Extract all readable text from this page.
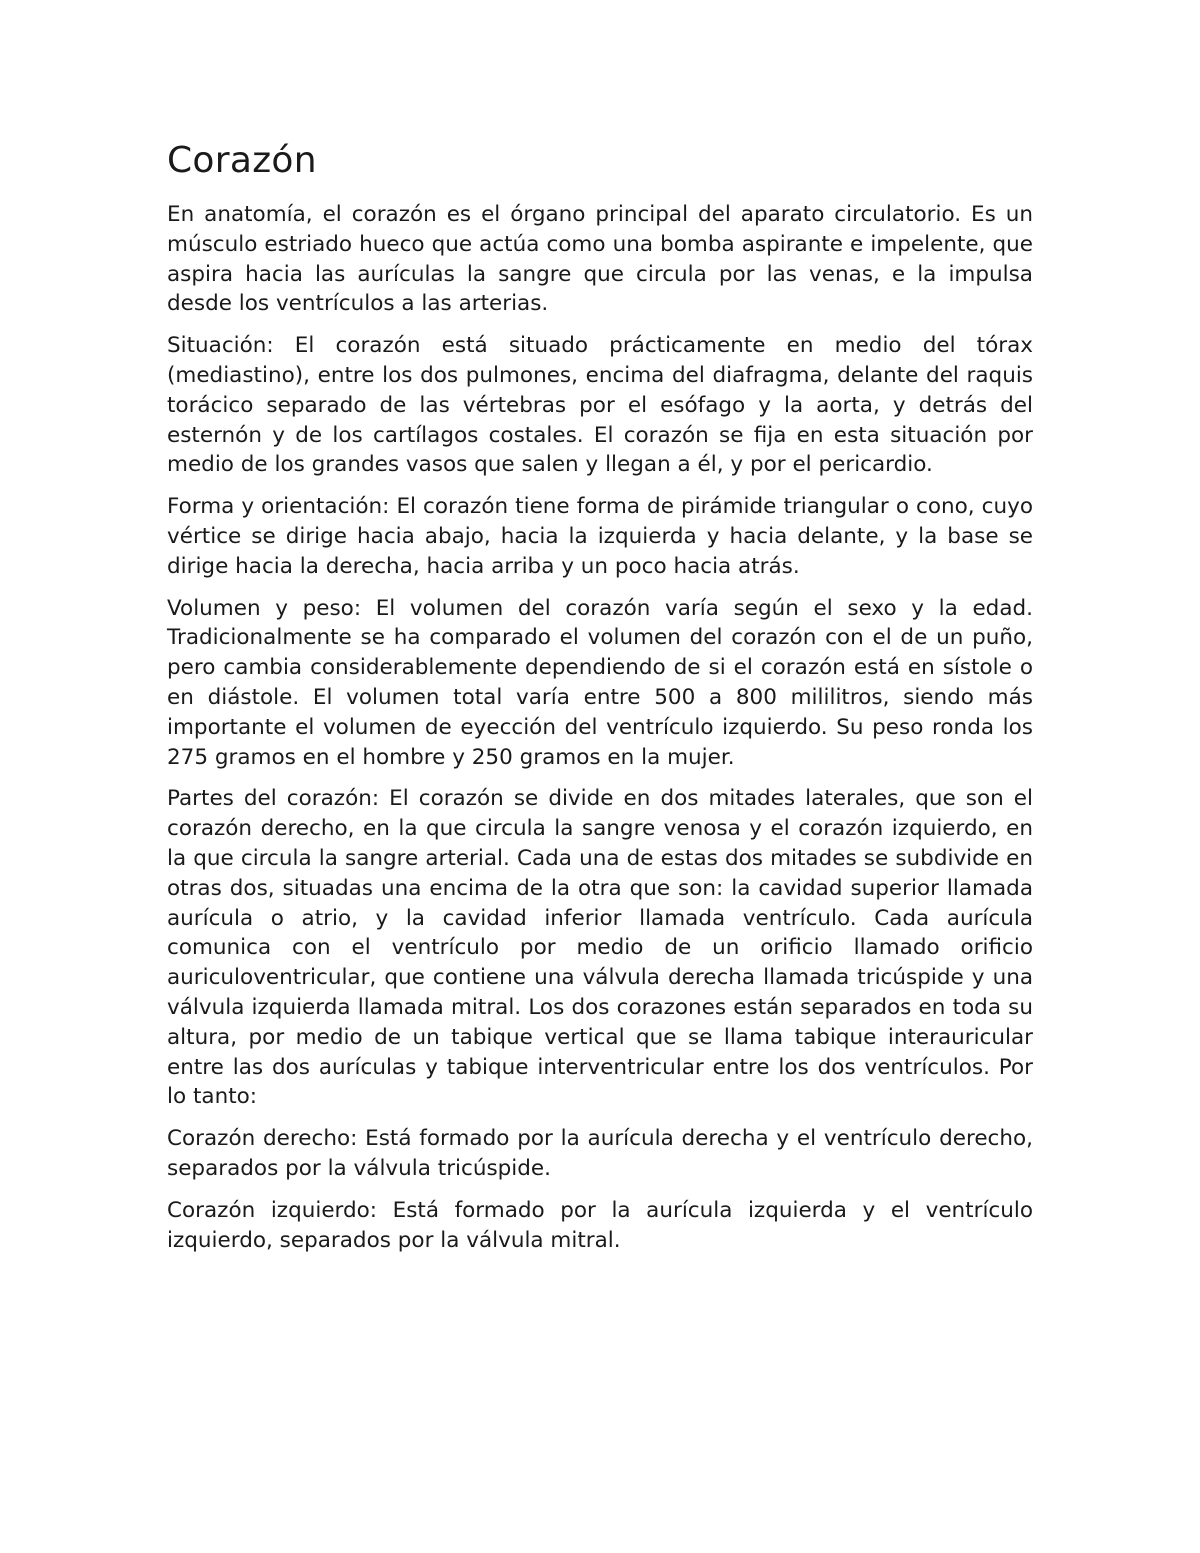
Corazón

En anatomía, el corazón es el órgano principal del aparato circulatorio. Es un músculo estriado hueco que actúa como una bomba aspirante e impelente, que aspira hacia las aurículas la sangre que circula por las venas, e la impulsa desde los ventrículos a las arterias.

Situación: El corazón está situado prácticamente en medio del tórax (mediastino), entre los dos pulmones, encima del diafragma, delante del raquis torácico separado de las vértebras por el esófago y la aorta, y detrás del esternón y de los cartílagos costales. El corazón se fija en esta situación por medio de los grandes vasos que salen y llegan a él, y por el pericardio.

Forma y orientación: El corazón tiene forma de pirámide triangular o cono, cuyo vértice se dirige hacia abajo, hacia la izquierda y hacia delante, y la base se dirige hacia la derecha, hacia arriba y un poco hacia atrás.

Volumen y peso: El volumen del corazón varía según el sexo y la edad. Tradicionalmente se ha comparado el volumen del corazón con el de un puño, pero cambia considerablemente dependiendo de si el corazón está en sístole o en diástole. El volumen total varía entre 500 a 800 mililitros, siendo más importante el volumen de eyección del ventrículo izquierdo. Su peso ronda los 275 gramos en el hombre y 250 gramos en la mujer.

Partes del corazón: El corazón se divide en dos mitades laterales, que son el corazón derecho, en la que circula la sangre venosa y el corazón izquierdo, en la que circula la sangre arterial. Cada una de estas dos mitades se subdivide en otras dos, situadas una encima de la otra que son: la cavidad superior llamada aurícula o atrio, y la cavidad inferior llamada ventrículo. Cada aurícula comunica con el ventrículo por medio de un orificio llamado orificio auriculoventricular, que contiene una válvula derecha llamada tricúspide y una válvula izquierda llamada mitral. Los dos corazones están separados en toda su altura, por medio de un tabique vertical que se llama tabique interauricular entre las dos aurículas y tabique interventricular entre los dos ventrículos. Por lo tanto:

Corazón derecho: Está formado por la aurícula derecha y el ventrículo derecho, separados por la válvula tricúspide.

Corazón izquierdo: Está formado por la aurícula izquierda y el ventrículo izquierdo, separados por la válvula mitral.
